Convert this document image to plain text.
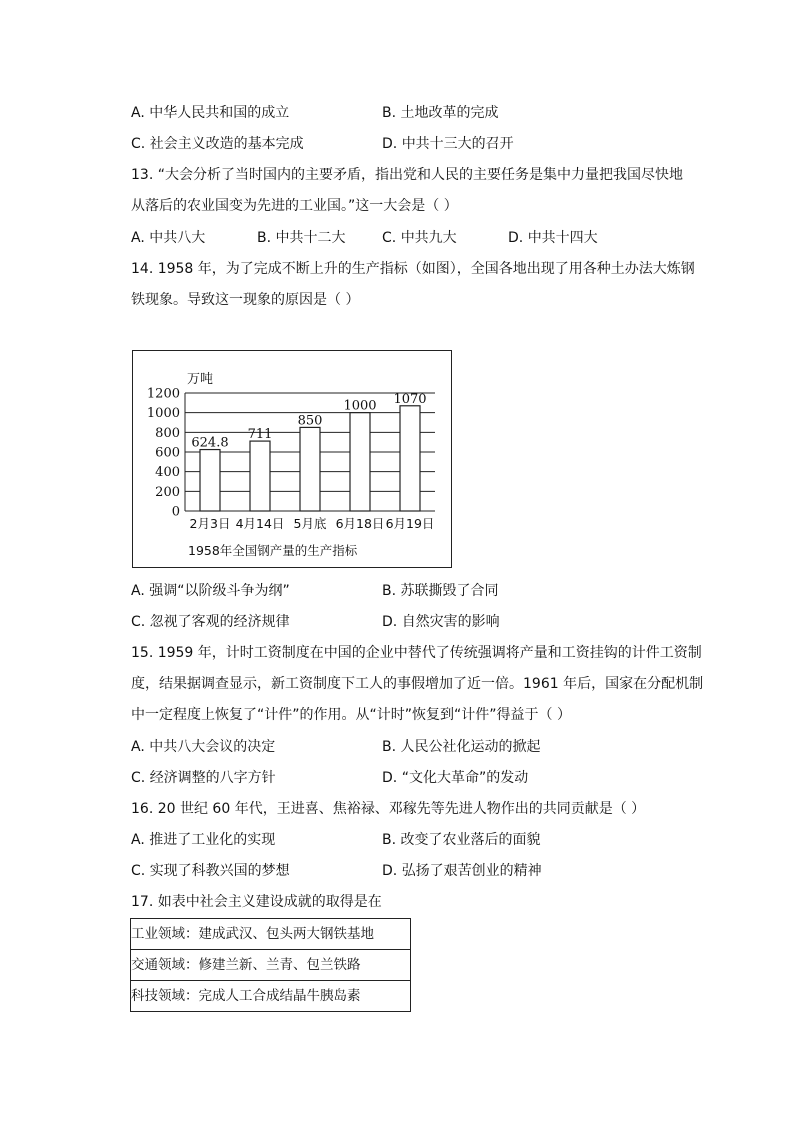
A. 中华人民共和国的成立	B. 土地改革的完成
C. 社会主义改造的基本完成	D. 中共十三大的召开
13. “大会分析了当时国内的主要矛盾，指出党和人民的主要任务是集中力量把我国尽快地
从落后的农业国变为先进的工业国。”这一大会是（ ）
A. 中共八大	B. 中共十二大	C. 中共九大	D. 中共十四大
14. 1958 年，为了完成不断上升的生产指标（如图），全国各地出现了用各种土办法大炼钢
铁现象。导致这一现象的原因是（ ）
万吨
0
200
400
600
800
1000
1200
624.8
2月3日
711
4月14日
850
5月底
1000
6月18日
1070
6月19日
1958年全国钢产量的生产指标
A. 强调“以阶级斗争为纲”	B. 苏联撕毁了合同
C. 忽视了客观的经济规律	D. 自然灾害的影响
15. 1959 年，计时工资制度在中国的企业中替代了传统强调将产量和工资挂钩的计件工资制
度，结果据调查显示，新工资制度下工人的事假增加了近一倍。1961 年后，国家在分配机制
中一定程度上恢复了“计件”的作用。从“计时”恢复到“计件”得益于（ ）
A. 中共八大会议的决定	B. 人民公社化运动的掀起
C. 经济调整的八字方针	D. “文化大革命”的发动
16. 20 世纪 60 年代，王进喜、焦裕禄、邓稼先等先进人物作出的共同贡献是（ ）
A. 推进了工业化的实现	B. 改变了农业落后的面貌
C. 实现了科教兴国的梦想	D. 弘扬了艰苦创业的精神
17. 如表中社会主义建设成就的取得是在
工业领域：建成武汉、包头两大钢铁基地
交通领域：修建兰新、兰青、包兰铁路
科技领域：完成人工合成结晶牛胰岛素
